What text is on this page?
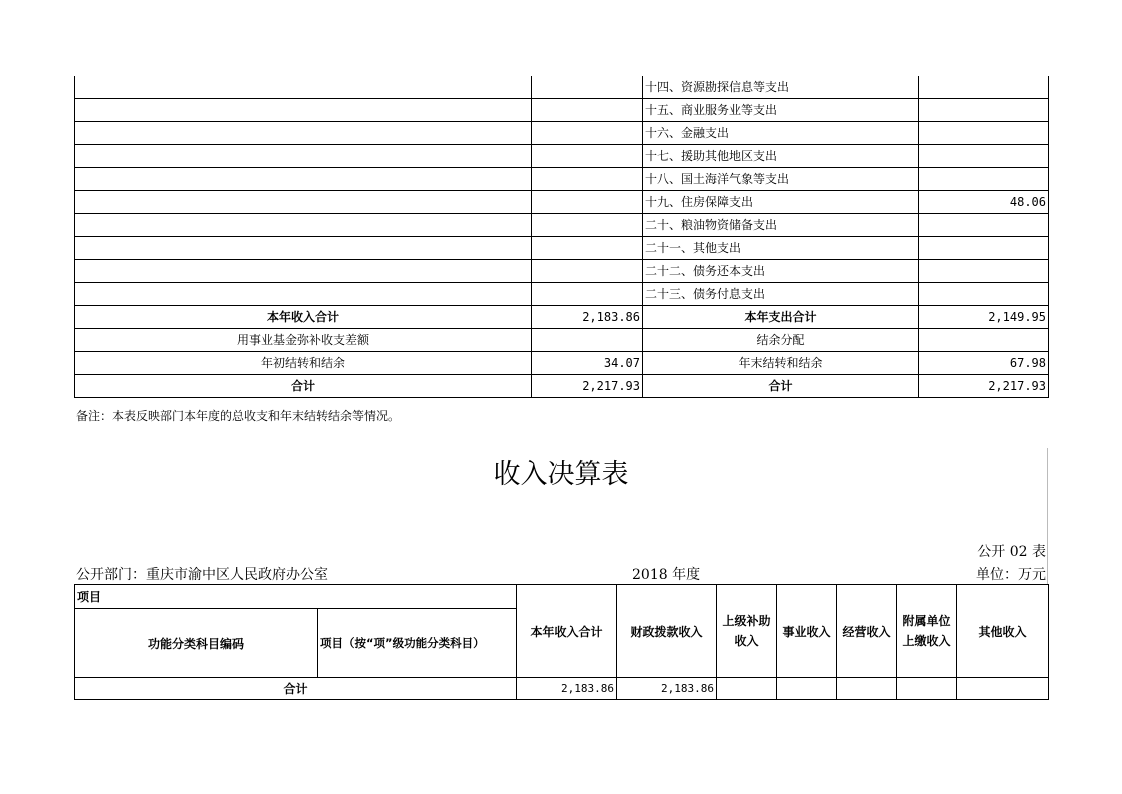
		十四、资源勘探信息等支出	
		十五、商业服务业等支出	
		十六、金融支出	
		十七、援助其他地区支出	
		十八、国土海洋气象等支出	
		十九、住房保障支出	48.06
		二十、粮油物资储备支出	
		二十一、其他支出	
		二十二、债务还本支出	
		二十三、债务付息支出	
本年收入合计	2,183.86	本年支出合计	2,149.95
用事业基金弥补收支差额		结余分配	
年初结转和结余	34.07	年末结转和结余	67.98
合计	2,217.93	合计	2,217.93
备注：本表反映部门本年度的总收支和年末结转结余等情况。
收入决算表
公开 02 表
公开部门：重庆市渝中区人民政府办公室	2018 年度	单位：万元
项目		本年收入合计	财政拨款收入	上级补助收入	事业收入	经营收入	附属单位上缴收入	其他收入
功能分类科目编码	项目（按“项”级功能分类科目）							
合计		2,183.86	2,183.86					
